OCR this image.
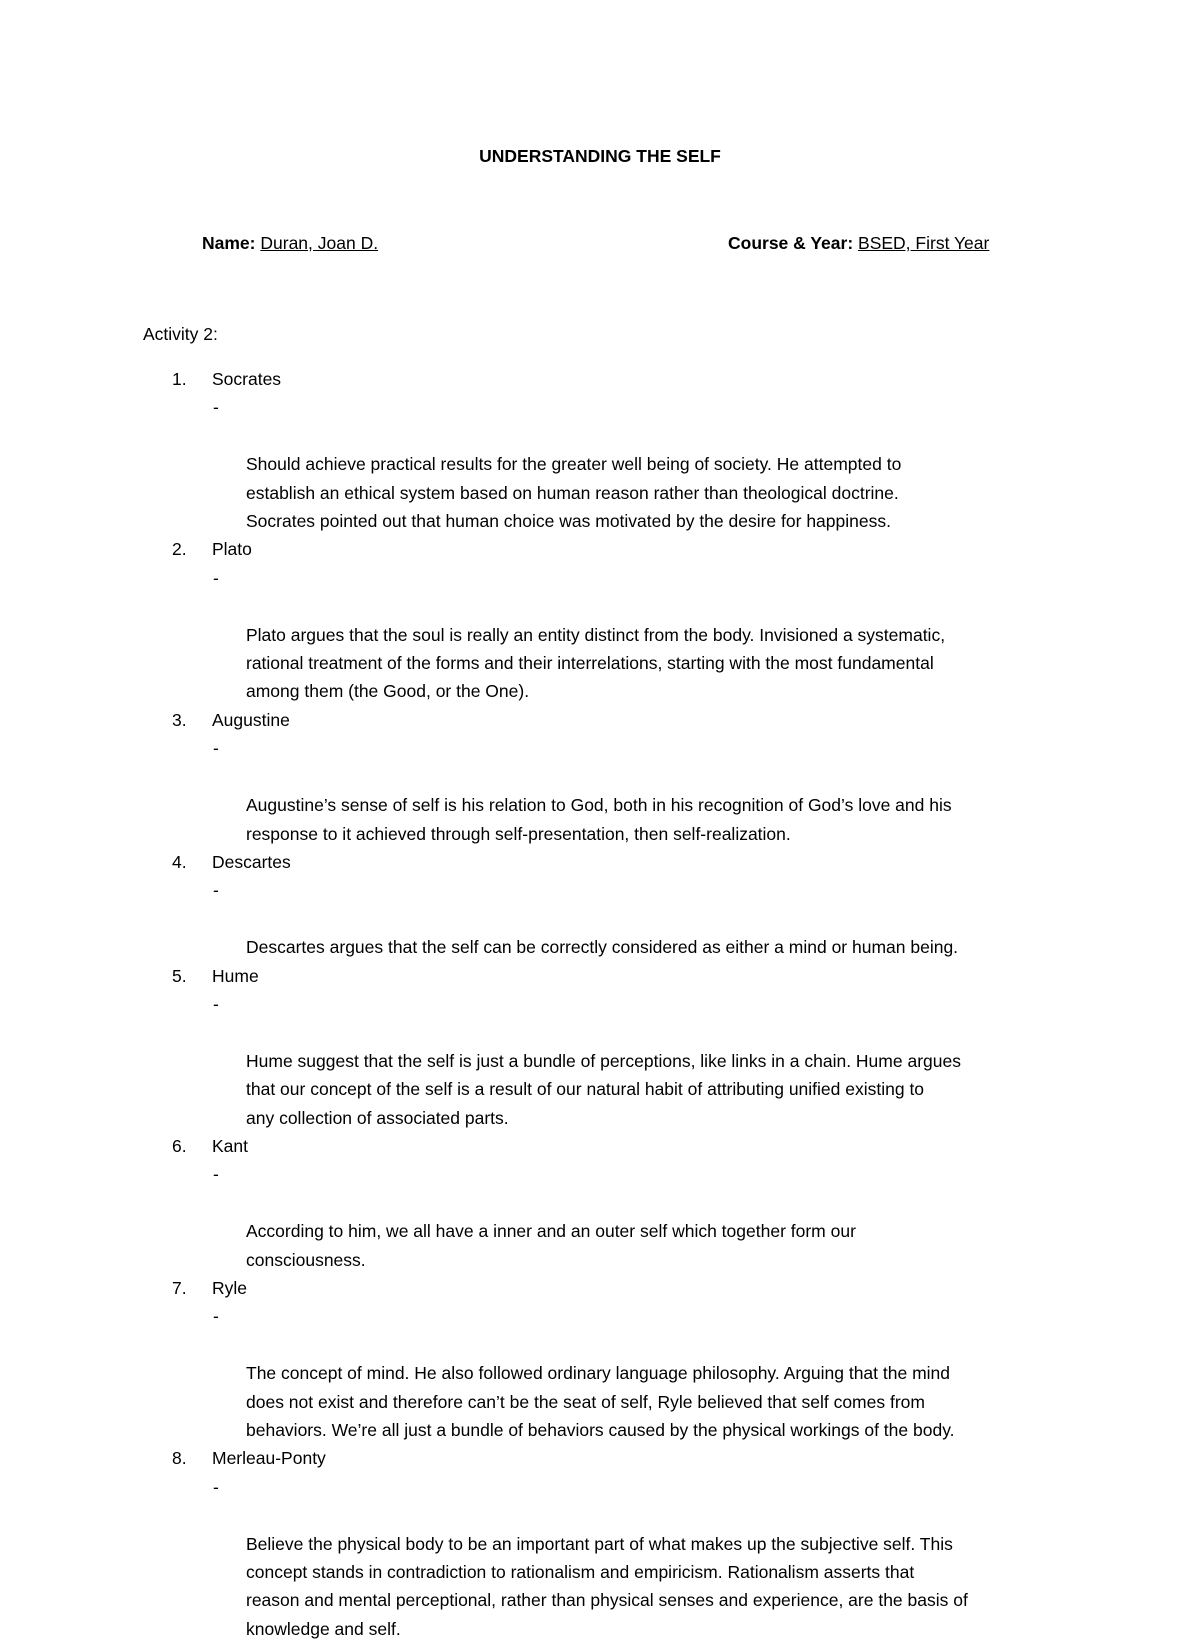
UNDERSTANDING THE SELF
Name: Duran, Joan D.	Course & Year: BSED, First Year
Activity 2:
1.	Socrates

-

Should achieve practical results for the greater well being of society. He attempted to
establish an ethical system based on human reason rather than theological doctrine.
Socrates pointed out that human choice was motivated by the desire for happiness.

2.	Plato

-

Plato argues that the soul is really an entity distinct from the body. Invisioned a systematic,
rational treatment of the forms and their interrelations, starting with the most fundamental
among them (the Good, or the One).

3.	Augustine

-

Augustine’s sense of self is his relation to God, both in his recognition of God’s love and his
response to it achieved through self-presentation, then self-realization.

4.	Descartes

-

Descartes argues that the self can be correctly considered as either a mind or human being.

5.	Hume

-

Hume suggest that the self is just a bundle of perceptions, like links in a chain. Hume argues
that our concept of the self is a result of our natural habit of attributing unified existing to
any collection of associated parts.

6.	Kant

-

According to him, we all have a inner and an outer self which together form our
consciousness.

7.	Ryle

-

The concept of mind. He also followed ordinary language philosophy. Arguing that the mind
does not exist and therefore can’t be the seat of self, Ryle believed that self comes from
behaviors. We’re all just a bundle of behaviors caused by the physical workings of the body.

8.	Merleau-Ponty

-

Believe the physical body to be an important part of what makes up the subjective self. This
concept stands in contradiction to rationalism and empiricism. Rationalism asserts that
reason and mental perceptional, rather than physical senses and experience, are the basis of
knowledge and self.
